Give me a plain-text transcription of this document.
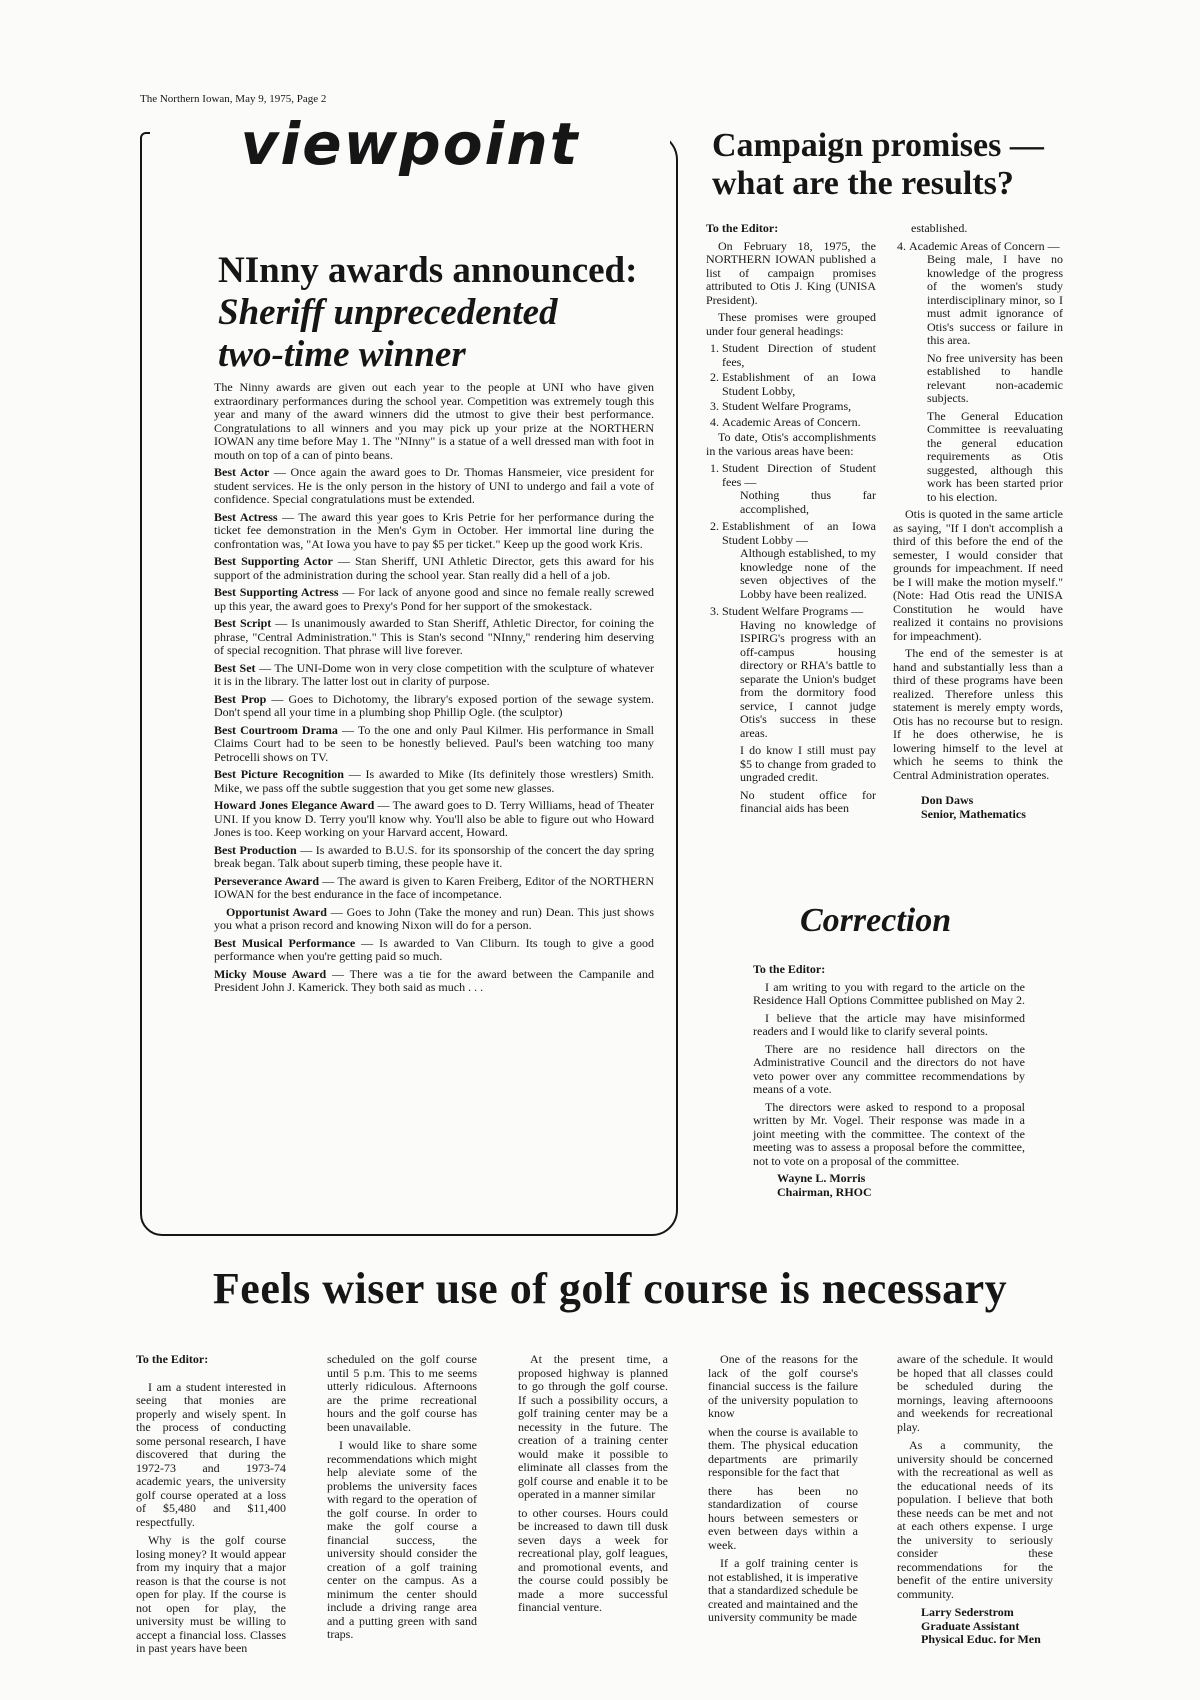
The Northern Iowan, May 9, 1975, Page 2
viewpoint
NInny awards announced:
Sheriff unprecedented
two-time winner

The Ninny awards are given out each year to the people at UNI who have given extraordinary performances during the school year. Competition was extremely tough this year and many of the award winners did the utmost to give their best performance. Congratulations to all winners and you may pick up your prize at the NORTHERN IOWAN any time before May 1. The "NInny" is a statue of a well dressed man with foot in mouth on top of a can of pinto beans.

Best Actor — Once again the award goes to Dr. Thomas Hansmeier, vice president for student services. He is the only person in the history of UNI to undergo and fail a vote of confidence. Special congratulations must be extended.

Best Actress — The award this year goes to Kris Petrie for her performance during the ticket fee demonstration in the Men's Gym in October. Her immortal line during the confrontation was, "At Iowa you have to pay $5 per ticket." Keep up the good work Kris.

Best Supporting Actor — Stan Sheriff, UNI Athletic Director, gets this award for his support of the administration during the school year. Stan really did a hell of a job.

Best Supporting Actress — For lack of anyone good and since no female really screwed up this year, the award goes to Prexy's Pond for her support of the smokestack.

Best Script — Is unanimously awarded to Stan Sheriff, Athletic Director, for coining the phrase, "Central Administration." This is Stan's second "NInny," rendering him deserving of special recognition. That phrase will live forever.

Best Set — The UNI-Dome won in very close competition with the sculpture of whatever it is in the library. The latter lost out in clarity of purpose.

Best Prop — Goes to Dichotomy, the library's exposed portion of the sewage system. Don't spend all your time in a plumbing shop Phillip Ogle. (the sculptor)

Best Courtroom Drama — To the one and only Paul Kilmer. His performance in Small Claims Court had to be seen to be honestly believed. Paul's been watching too many Petrocelli shows on TV.

Best Picture Recognition — Is awarded to Mike (Its definitely those wrestlers) Smith. Mike, we pass off the subtle suggestion that you get some new glasses.

Howard Jones Elegance Award — The award goes to D. Terry Williams, head of Theater UNI. If you know D. Terry you'll know why. You'll also be able to figure out who Howard Jones is too. Keep working on your Harvard accent, Howard.

Best Production — Is awarded to B.U.S. for its sponsorship of the concert the day spring break began. Talk about superb timing, these people have it.

Perseverance Award — The award is given to Karen Freiberg, Editor of the NORTHERN IOWAN for the best endurance in the face of incompetance.

Opportunist Award — Goes to John (Take the money and run) Dean. This just shows you what a prison record and knowing Nixon will do for a person.

Best Musical Performance — Is awarded to Van Cliburn. Its tough to give a good performance when you're getting paid so much.

Micky Mouse Award — There was a tie for the award between the Campanile and President John J. Kamerick. They both said as much . . .

Campaign promises —
what are the results?

To the Editor:

On February 18, 1975, the NORTHERN IOWAN published a list of campaign promises attributed to Otis J. King (UNISA President).

These promises were grouped under four general headings:

1. Student Direction of student fees,
2. Establishment of an Iowa Student Lobby,
3. Student Welfare Programs,
4. Academic Areas of Concern.

To date, Otis's accomplishments in the various areas have been:

1. Student Direction of Student fees —

Nothing thus far accomplished,

2. Establishment of an Iowa Student Lobby —

Although established, to my knowledge none of the seven objectives of the Lobby have been realized.

3. Student Welfare Programs —

Having no knowledge of ISPIRG's progress with an off-campus housing directory or RHA's battle to separate the Union's budget from the dormitory food service, I cannot judge Otis's success in these areas.

I do know I still must pay $5 to change from graded to ungraded credit.

No student office for financial aids has been

established.

4. Academic Areas of Concern —

Being male, I have no knowledge of the progress of the women's study interdisciplinary minor, so I must admit ignorance of Otis's success or failure in this area.

No free university has been established to handle relevant non-academic subjects.

The General Education Committee is reevaluating the general education requirements as Otis suggested, although this work has been started prior to his election.

Otis is quoted in the same article as saying, "If I don't accomplish a third of this before the end of the semester, I would consider that grounds for impeachment. If need be I will make the motion myself." (Note: Had Otis read the UNISA Constitution he would have realized it contains no provisions for impeachment).

The end of the semester is at hand and substantially less than a third of these programs have been realized. Therefore unless this statement is merely empty words, Otis has no recourse but to resign. If he does otherwise, he is lowering himself to the level at which he seems to think the Central Administration operates.

Don Daws
Senior, Mathematics
Correction

To the Editor:

I am writing to you with regard to the article on the Residence Hall Options Committee published on May 2.

I believe that the article may have misinformed readers and I would like to clarify several points.

There are no residence hall directors on the Administrative Council and the directors do not have veto power over any committee recommendations by means of a vote.

The directors were asked to respond to a proposal written by Mr. Vogel. Their response was made in a joint meeting with the committee. The context of the meeting was to assess a proposal before the committee, not to vote on a proposal of the committee.

Wayne L. Morris
Chairman, RHOC
Feels wiser use of golf course is necessary

To the Editor:

I am a student interested in seeing that monies are properly and wisely spent. In the process of conducting some personal research, I have discovered that during the 1972-73 and 1973-74 academic years, the university golf course operated at a loss of $5,480 and $11,400 respectfully.

Why is the golf course losing money? It would appear from my inquiry that a major reason is that the course is not open for play. If the course is not open for play, the university must be willing to accept a financial loss. Classes in past years have been

scheduled on the golf course until 5 p.m. This to me seems utterly ridiculous. Afternoons are the prime recreational hours and the golf course has been unavailable.

I would like to share some recommendations which might help aleviate some of the problems the university faces with regard to the operation of the golf course. In order to make the golf course a financial success, the university should consider the creation of a golf training center on the campus. As a minimum the center should include a driving range area and a putting green with sand traps.

At the present time, a proposed highway is planned to go through the golf course. If such a possibility occurs, a golf training center may be a necessity in the future. The creation of a training center would make it possible to eliminate all classes from the golf course and enable it to be operated in a manner similar

to other courses. Hours could be increased to dawn till dusk seven days a week for recreational play, golf leagues, and promotional events, and the course could possibly be made a more successful financial venture.

One of the reasons for the lack of the golf course's financial success is the failure of the university population to know

when the course is available to them. The physical education departments are primarily responsible for the fact that

there has been no standardization of course hours between semesters or even between days within a week.

If a golf training center is not established, it is imperative that a standardized schedule be created and maintained and the university community be made

aware of the schedule. It would be hoped that all classes could be scheduled during the mornings, leaving afternooons and weekends for recreational play.

As a community, the university should be concerned with the recreational as well as the educational needs of its population. I believe that both these needs can be met and not at each others expense. I urge the university to seriously consider these recommendations for the benefit of the entire university community.

Larry Sederstrom
Graduate Assistant
Physical Educ. for Men
